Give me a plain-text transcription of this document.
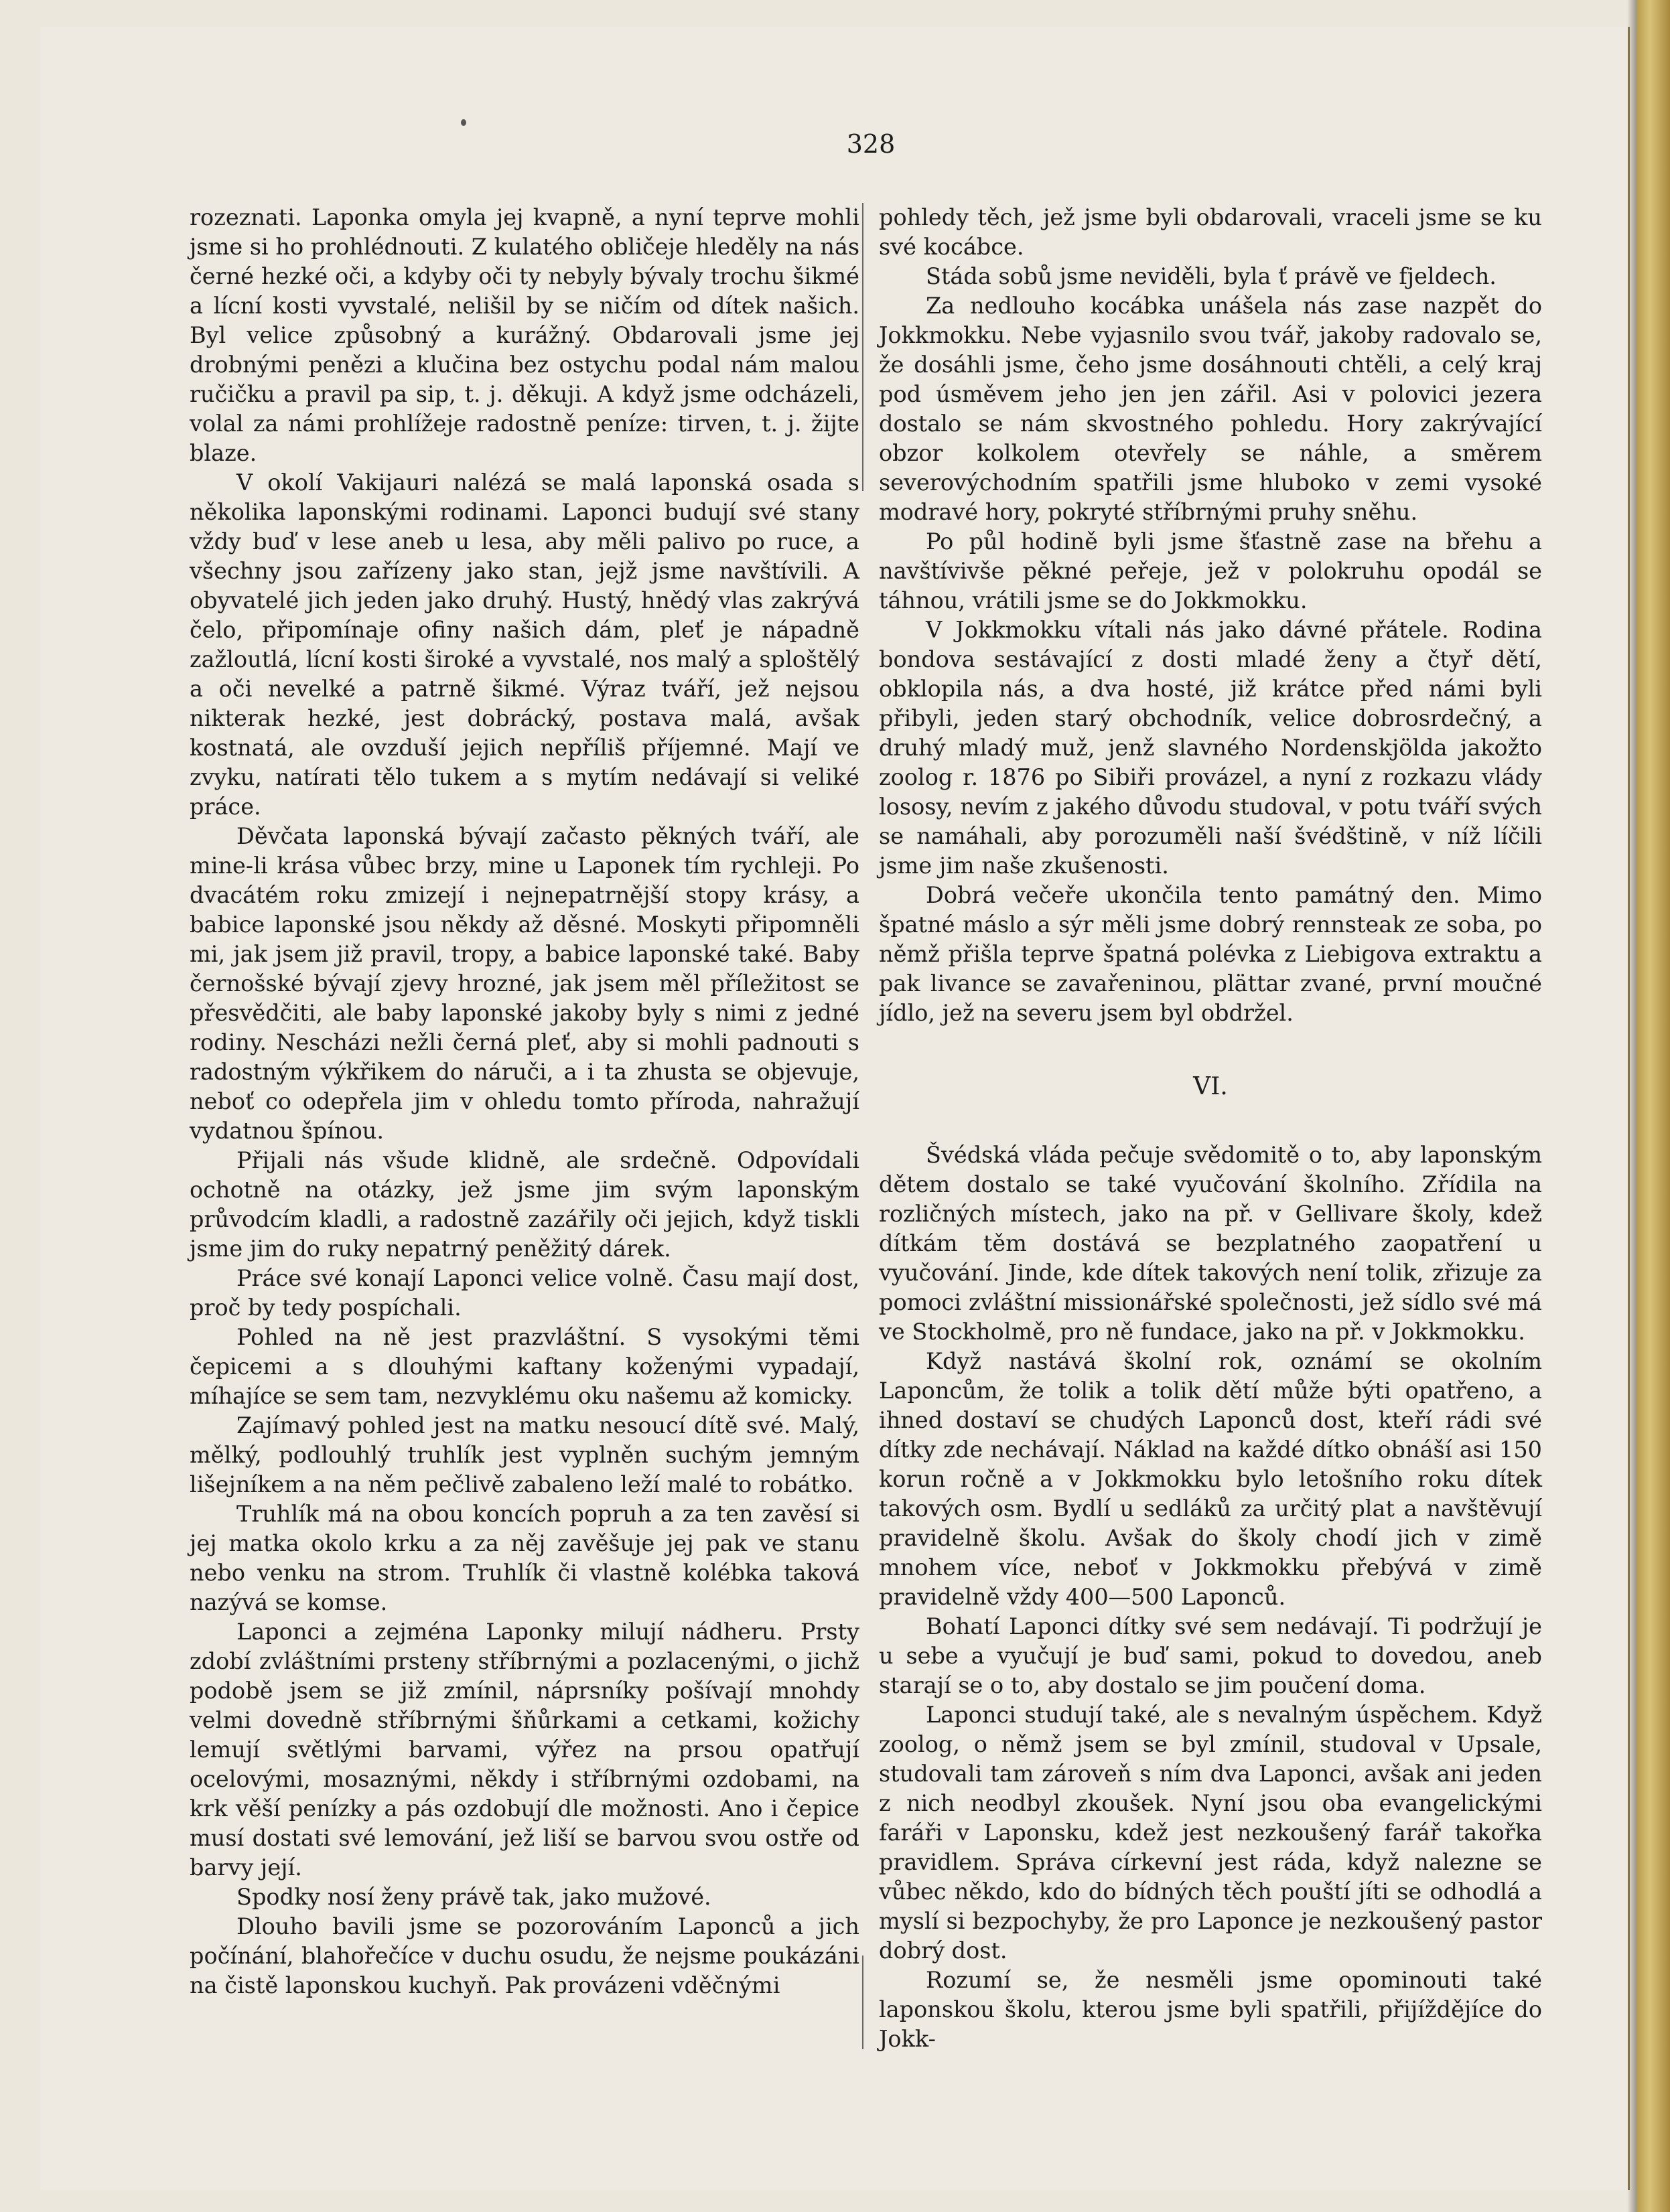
328

rozeznati. Laponka omyla jej kvapně, a nyní teprve mohli jsme si ho prohlédnouti. Z kulatého obličeje hleděly na nás černé hezké oči, a kdyby oči ty nebyly bývaly trochu šikmé a lícní kosti vyvstalé, nelišil by se ničím od dítek našich. Byl velice způsobný a kurážný. Obdarovali jsme jej drobnými penězi a klučina bez ostychu podal nám malou ručičku a pravil pa sip, t. j. děkuji. A když jsme odcházeli, volal za námi prohlížeje radostně peníze: tirven, t. j. žijte blaze.

V okolí Vakijauri nalézá se malá laponská osada s několika laponskými rodinami. Laponci budují své stany vždy buď v lese aneb u lesa, aby měli palivo po ruce, a všechny jsou zařízeny jako stan, jejž jsme navštívili. A obyvatelé jich jeden jako druhý. Hustý, hnědý vlas zakrývá čelo, připomínaje ofiny našich dám, pleť je nápadně zažloutlá, lícní kosti široké a vyvstalé, nos malý a sploštělý a oči nevelké a patrně šikmé. Výraz tváří, jež nejsou nikterak hezké, jest dobrácký, postava malá, avšak kostnatá, ale ovzduší jejich nepříliš příjemné. Mají ve zvyku, natírati tělo tukem a s mytím nedávají si veliké práce.

Děvčata laponská bývají začasto pěkných tváří, ale mine-li krása vůbec brzy, mine u Laponek tím rychleji. Po dvacátém roku zmizejí i nejnepatrnější stopy krásy, a babice laponské jsou někdy až děsné. Moskyti připomněli mi, jak jsem již pravil, tropy, a babice laponské také. Baby černošské bývají zjevy hrozné, jak jsem měl příležitost se přesvědčiti, ale baby laponské jakoby byly s nimi z jedné rodiny. Nescházi nežli černá pleť, aby si mohli padnouti s radostným výkřikem do náruči, a i ta zhusta se objevuje, neboť co odepřela jim v ohledu tomto příroda, nahražují vydatnou špínou.

Přijali nás všude klidně, ale srdečně. Odpovídali ochotně na otázky, jež jsme jim svým laponským průvodcím kladli, a radostně zazářily oči jejich, když tiskli jsme jim do ruky nepatrný peněžitý dárek.

Práce své konají Laponci velice volně. Času mají dost, proč by tedy pospíchali.

Pohled na ně jest prazvláštní. S vysokými těmi čepicemi a s dlouhými kaftany koženými vypadají, míhajíce se sem tam, nezvyklému oku našemu až komicky.

Zajímavý pohled jest na matku nesoucí dítě své. Malý, mělký, podlouhlý truhlík jest vyplněn suchým jemným lišejníkem a na něm pečlivě zabaleno leží malé to robátko.

Truhlík má na obou koncích popruh a za ten zavěsí si jej matka okolo krku a za něj zavěšuje jej pak ve stanu nebo venku na strom. Truhlík či vlastně kolébka taková nazývá se komse.

Laponci a zejména Laponky milují nádheru. Prsty zdobí zvláštními prsteny stříbrnými a pozlacenými, o jichž podobě jsem se již zmínil, náprsníky pošívají mnohdy velmi dovedně stříbrnými šňůrkami a cetkami, kožichy lemují světlými barvami, výřez na prsou opatřují ocelovými, mosaznými, někdy i stříbrnými ozdobami, na krk věší penízky a pás ozdobují dle možnosti. Ano i čepice musí dostati své lemování, jež liší se barvou svou ostře od barvy její.

Spodky nosí ženy právě tak, jako mužové.

Dlouho bavili jsme se pozorováním Laponců a jich počínání, blahořečíce v duchu osudu, že nejsme poukázáni na čistě laponskou kuchyň. Pak provázeni vděčnými

pohledy těch, jež jsme byli obdarovali, vraceli jsme se ku své kocábce.

Stáda sobů jsme neviděli, byla ť právě ve fjeldech.

Za nedlouho kocábka unášela nás zase nazpět do Jokkmokku. Nebe vyjasnilo svou tvář, jakoby radovalo se, že dosáhli jsme, čeho jsme dosáhnouti chtěli, a celý kraj pod úsměvem jeho jen jen zářil. Asi v polovici jezera dostalo se nám skvostného pohledu. Hory zakrývající obzor kolkolem otevřely se náhle, a směrem severovýchodním spatřili jsme hluboko v zemi vysoké modravé hory, pokryté stříbrnými pruhy sněhu.

Po půl hodině byli jsme šťastně zase na břehu a navštívivše pěkné peřeje, jež v polokruhu opodál se táhnou, vrátili jsme se do Jokkmokku.

V Jokkmokku vítali nás jako dávné přátele. Rodina bondova sestávající z dosti mladé ženy a čtyř dětí, obklopila nás, a dva hosté, již krátce před námi byli přibyli, jeden starý obchodník, velice dobrosrdečný, a druhý mladý muž, jenž slavného Nordenskjölda jakožto zoolog r. 1876 po Sibiři provázel, a nyní z rozkazu vlády lososy, nevím z jakého důvodu studoval, v potu tváří svých se namáhali, aby porozuměli naší švédštině, v níž líčili jsme jim naše zkušenosti.

Dobrá večeře ukončila tento památný den. Mimo špatné máslo a sýr měli jsme dobrý rennsteak ze soba, po němž přišla teprve špatná polévka z Liebigova extraktu a pak livance se zavařeninou, plättar zvané, první moučné jídlo, jež na severu jsem byl obdržel.

VI.

Švédská vláda pečuje svědomitě o to, aby laponským dětem dostalo se také vyučování školního. Zřídila na rozličných místech, jako na př. v Gellivare školy, kdež dítkám těm dostává se bezplatného zaopatření u vyučování. Jinde, kde dítek takových není tolik, zřizuje za pomoci zvláštní missionářské společnosti, jež sídlo své má ve Stockholmě, pro ně fundace, jako na př. v Jokkmokku.

Když nastává školní rok, oznámí se okolním Laponcům, že tolik a tolik dětí může býti opatřeno, a ihned dostaví se chudých Laponců dost, kteří rádi své dítky zde nechávají. Náklad na každé dítko obnáší asi 150 korun ročně a v Jokkmokku bylo letošního roku dítek takových osm. Bydlí u sedláků za určitý plat a navštěvují pravidelně školu. Avšak do školy chodí jich v zimě mnohem více, neboť v Jokkmokku přebývá v zimě pravidelně vždy 400—500 Laponců.

Bohatí Laponci dítky své sem nedávají. Ti podržují je u sebe a vyučují je buď sami, pokud to dovedou, aneb starají se o to, aby dostalo se jim poučení doma.

Laponci studují také, ale s nevalným úspěchem. Když zoolog, o němž jsem se byl zmínil, studoval v Upsale, studovali tam zároveň s ním dva Laponci, avšak ani jeden z nich neodbyl zkoušek. Nyní jsou oba evangelickými faráři v Laponsku, kdež jest nezkoušený farář takořka pravidlem. Správa církevní jest ráda, když nalezne se vůbec někdo, kdo do bídných těch pouští jíti se odhodlá a myslí si bezpochyby, že pro Laponce je nezkoušený pastor dobrý dost.

Rozumí se, že nesměli jsme opominouti také laponskou školu, kterou jsme byli spatřili, přijíždějíce do Jokk-
